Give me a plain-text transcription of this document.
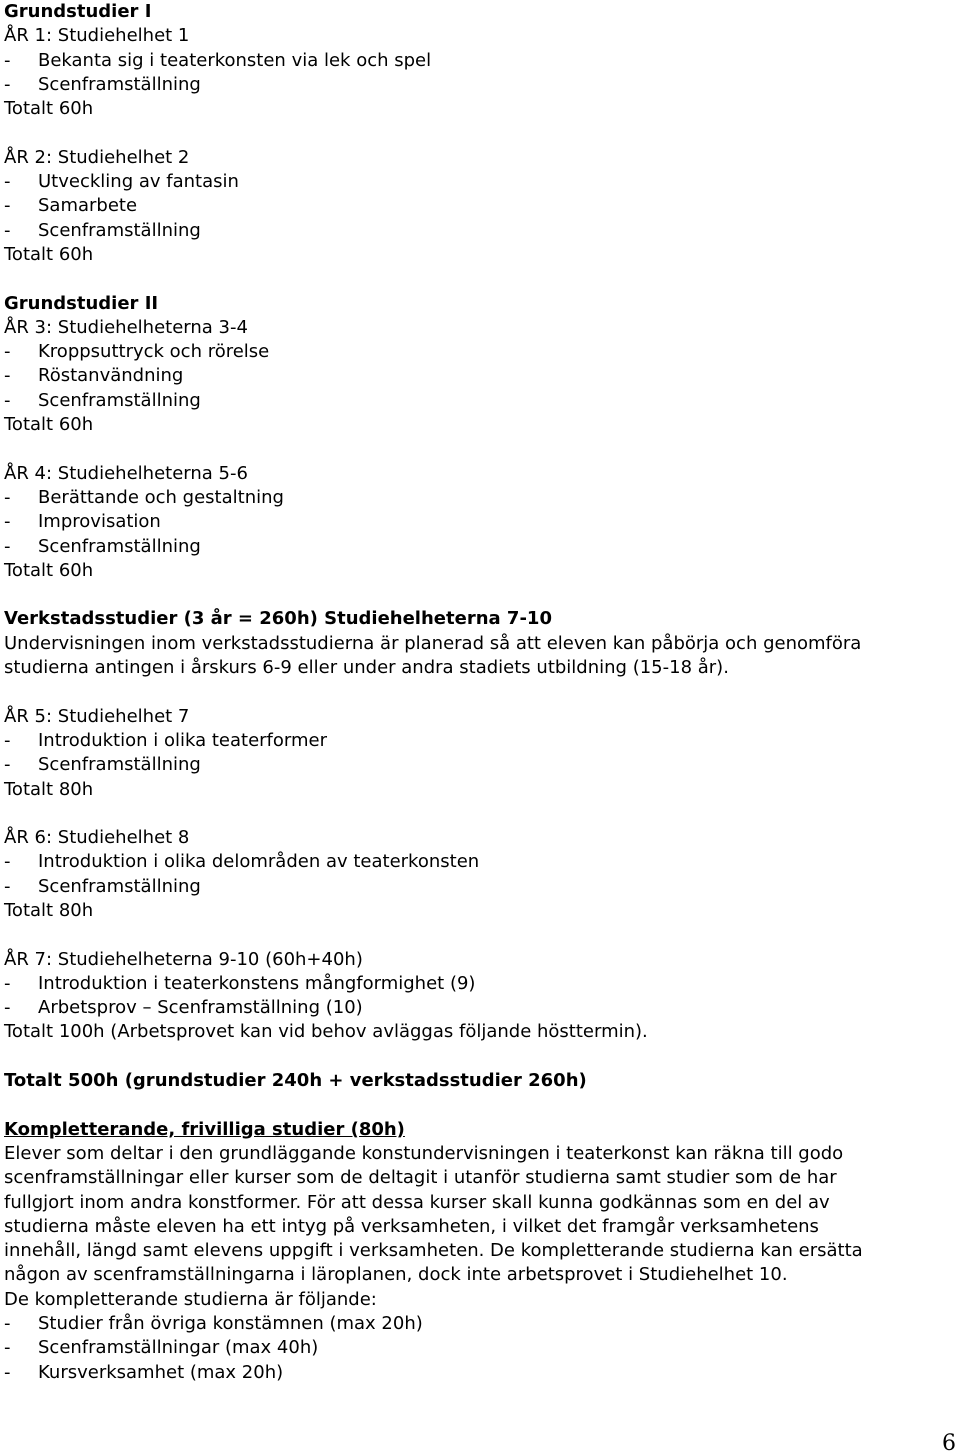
Grundstudier I
ÅR 1: Studiehelhet 1
- Bekanta sig i teaterkonsten via lek och spel
- Scenframställning
Totalt 60h
ÅR 2: Studiehelhet 2
- Utveckling av fantasin
- Samarbete
- Scenframställning
Totalt 60h
Grundstudier II
ÅR 3: Studiehelheterna 3-4
- Kroppsuttryck och rörelse
- Röstanvändning
- Scenframställning
Totalt 60h
ÅR 4: Studiehelheterna 5-6
- Berättande och gestaltning
- Improvisation
- Scenframställning
Totalt 60h
Verkstadsstudier (3 år = 260h) Studiehelheterna 7-10
Undervisningen inom verkstadsstudierna är planerad så att eleven kan påbörja och genomföra
studierna antingen i årskurs 6-9 eller under andra stadiets utbildning (15-18 år).
ÅR 5: Studiehelhet 7
- Introduktion i olika teaterformer
- Scenframställning
Totalt 80h
ÅR 6: Studiehelhet 8
- Introduktion i olika delområden av teaterkonsten
- Scenframställning
Totalt 80h
ÅR 7: Studiehelheterna 9-10 (60h+40h)
- Introduktion i teaterkonstens mångformighet (9)
- Arbetsprov – Scenframställning (10)
Totalt 100h (Arbetsprovet kan vid behov avläggas följande hösttermin).
Totalt 500h (grundstudier 240h + verkstadsstudier 260h)
Kompletterande, frivilliga studier (80h)
Elever som deltar i den grundläggande konstundervisningen i teaterkonst kan räkna till godo
scenframställningar eller kurser som de deltagit i utanför studierna samt studier som de har
fullgjort inom andra konstformer. För att dessa kurser skall kunna godkännas som en del av
studierna måste eleven ha ett intyg på verksamheten, i vilket det framgår verksamhetens
innehåll, längd samt elevens uppgift i verksamheten. De kompletterande studierna kan ersätta
någon av scenframställningarna i läroplanen, dock inte arbetsprovet i Studiehelhet 10.
De kompletterande studierna är följande:
- Studier från övriga konstämnen (max 20h)
- Scenframställningar (max 40h)
- Kursverksamhet (max 20h)
6
